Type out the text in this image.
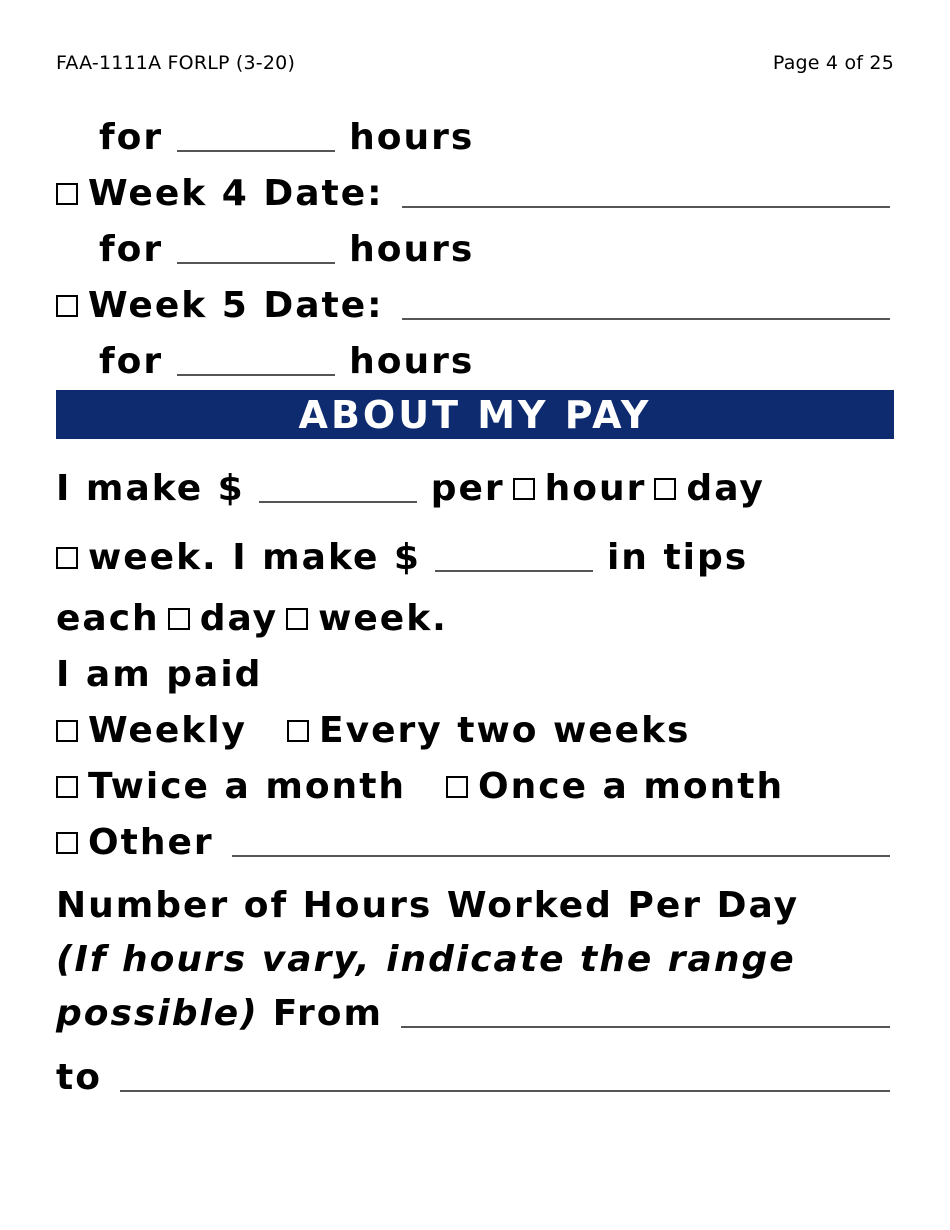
FAA-1111A FORLP (3-20)	Page 4 of 25
for	hours
Week 4 Date:
for	hours
Week 5 Date:
for	hours
ABOUT MY PAY
I make $	per hour day
week. I make $	in tips
each day week.
I am paid
Weekly Every two weeks
Twice a month Once a month
Other
Number of Hours Worked Per Day
(If hours vary, indicate the range
possible) From
to
